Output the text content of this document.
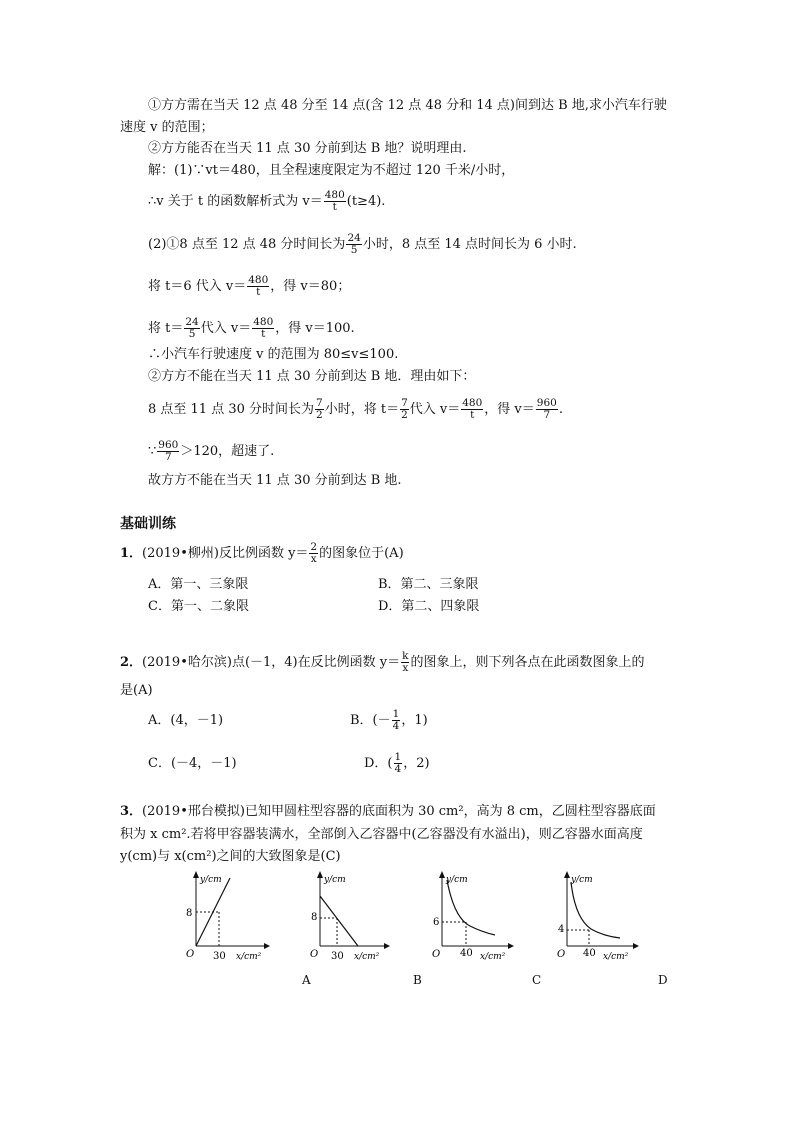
①方方需在当天 12 点 48 分至 14 点(含 12 点 48 分和 14 点)间到达 B 地,求小汽车行驶
速度 v 的范围；
②方方能否在当天 11 点 30 分前到达 B 地？说明理由.
解：(1)∵vt＝480，且全程速度限定为不超过 120 千米/小时，
∴v 关于 t 的函数解析式为 $v= \frac{480}{t} (t\ge 4)$.
(2)①8 点至 12 点 48 分时间长为 $\frac{24}{5}$ 小时，8 点至 14 点时间长为 6 小时.
将 t＝6 代入 $v= \frac{480}{t}$ ，得 v＝80；
将 $t= \frac{24}{5}$ 代入 $v= \frac{480}{t}$ ，得 v＝100.
∴小汽车行驶速度 v 的范围为 80≤v≤100.
②方方不能在当天 11 点 30 分前到达 B 地．理由如下：
8 点至 11 点 30 分时间长为 $\frac{7}{2}$ 小时，将 $t= \frac{7}{2}$ 代入 $v= \frac{480}{t}$ ，得 $v= \frac{960}{7}$ .
∵ $\frac{960}{7} >120$，超速了.
故方方不能在当天 11 点 30 分前到达 B 地.
基础训练
1．(2019•柳州)反比例函数 $y= \frac{2}{x}$ 的图象位于(A)
A．第一、三象限	B．第二、三象限
C．第一、二象限	D．第二、四象限
2．(2019•哈尔滨)点(－1，4)在反比例函数 $y= \frac{k}{x}$ 的图象上，则下列各点在此函数图象上的
是(A)
A．(4，－1)	B．(－ $\frac{1}{4}$ ，1)
C．(－4，－1)	D．( $\frac{1}{4}$ ，2)
3．(2019•邢台模拟)已知甲圆柱型容器的底面积为 30 cm²，高为 8 cm，乙圆柱型容器底面
积为 x cm².若将甲容器装满水，全部倒入乙容器中(乙容器没有水溢出)，则乙容器水面高度
y(cm)与 x(cm²)之间的大致图象是(C)
y/cm
8
O 30 x/cm²
y/cm
8
O 30 x/cm²
y/cm
6
O 40 x/cm²
y/cm
4
O 40 x/cm²
A	B	C	D
